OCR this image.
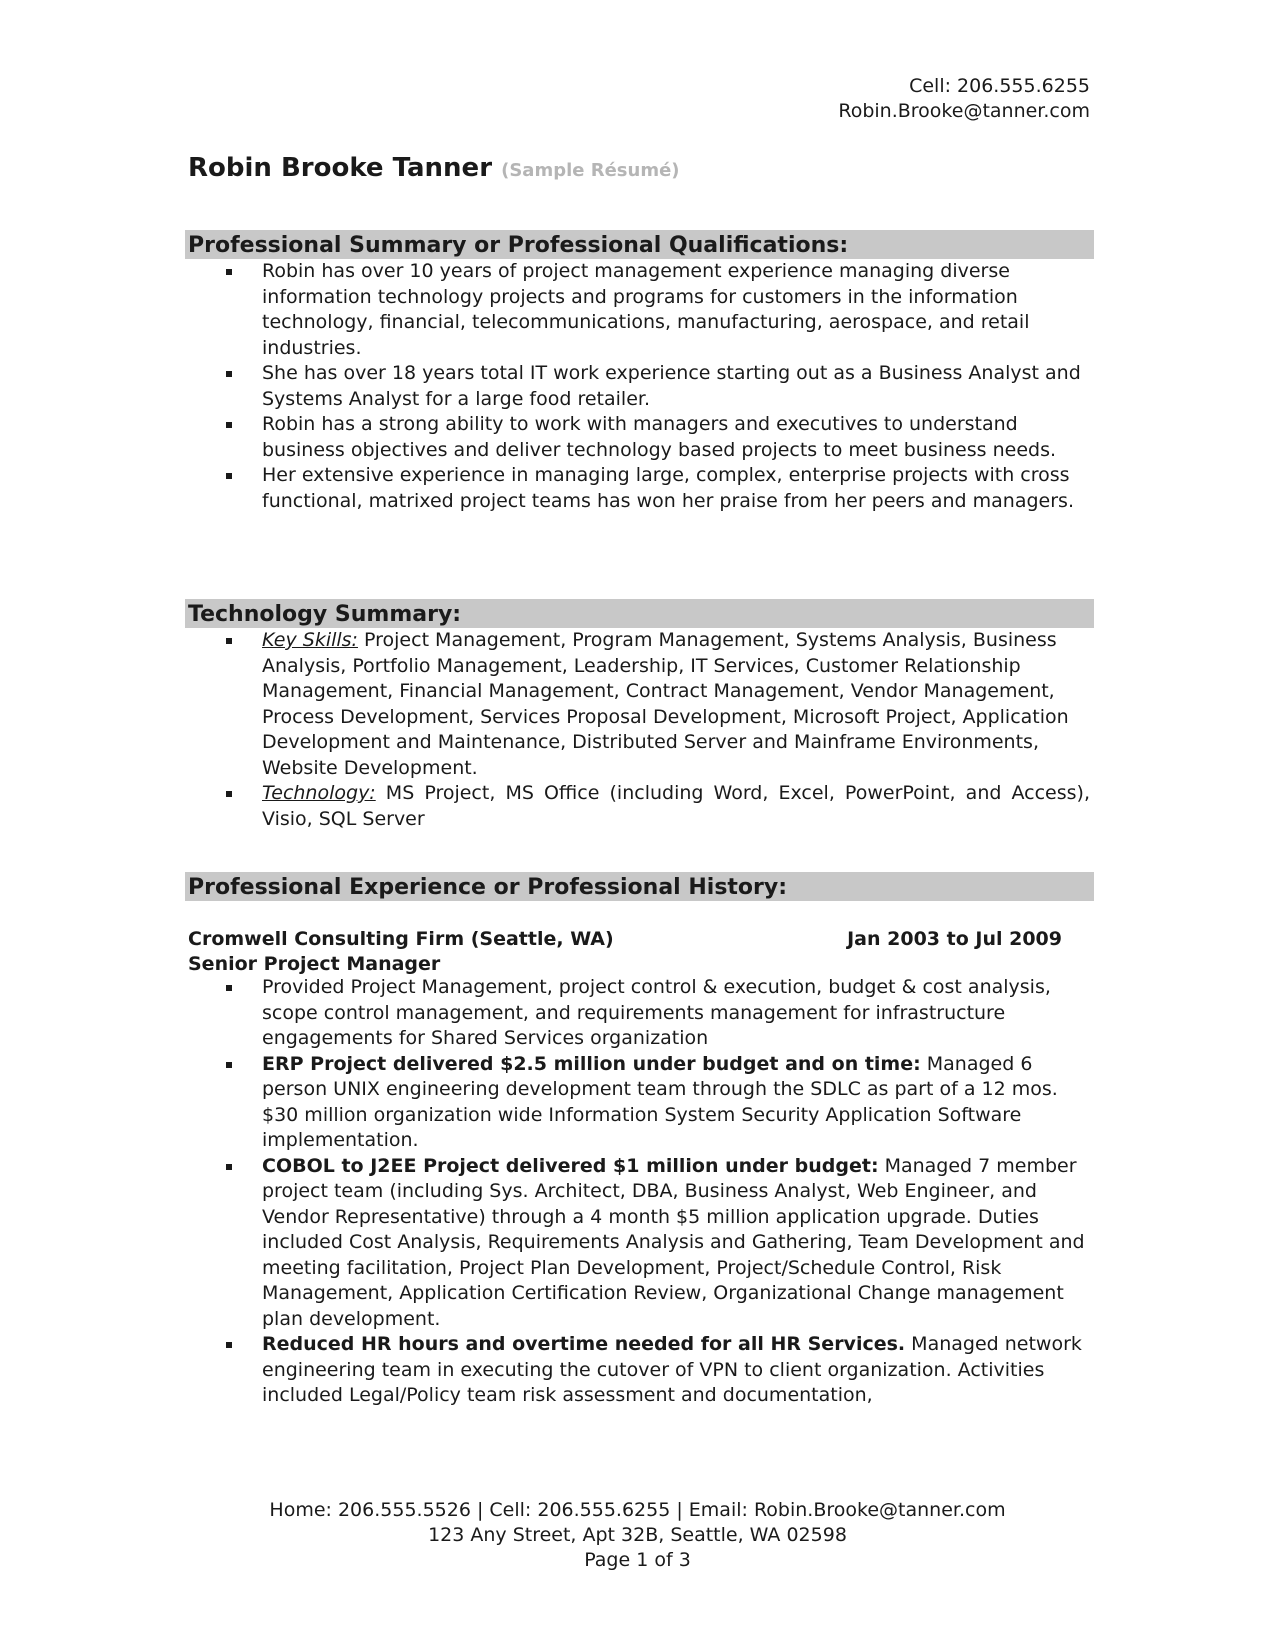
Cell: 206.555.6255
Robin.Brooke@tanner.com
Robin Brooke Tanner (Sample Résumé)
Professional Summary or Professional Qualifications:
Robin has over 10 years of project management experience managing diverse information technology projects and programs for customers in the information technology, financial, telecommunications, manufacturing, aerospace, and retail industries.
She has over 18 years total IT work experience starting out as a Business Analyst and Systems Analyst for a large food retailer.
Robin has a strong ability to work with managers and executives to understand business objectives and deliver technology based projects to meet business needs.
Her extensive experience in managing large, complex, enterprise projects with cross functional, matrixed project teams has won her praise from her peers and managers.
Technology Summary:
Key Skills: Project Management, Program Management, Systems Analysis, Business Analysis, Portfolio Management, Leadership, IT Services, Customer Relationship Management, Financial Management, Contract Management, Vendor Management, Process Development, Services Proposal Development, Microsoft Project, Application Development and Maintenance, Distributed Server and Mainframe Environments, Website Development.
Technology: MS Project, MS Office (including Word, Excel, PowerPoint, and Access), Visio, SQL Server
Professional Experience or Professional History:
Cromwell Consulting Firm (Seattle, WA)	Jan 2003 to Jul 2009
Senior Project Manager
Provided Project Management, project control & execution, budget & cost analysis, scope control management, and requirements management for infrastructure engagements for Shared Services organization
ERP Project delivered $2.5 million under budget and on time: Managed 6 person UNIX engineering development team through the SDLC as part of a 12 mos. $30 million organization wide Information System Security Application Software implementation.
COBOL to J2EE Project delivered $1 million under budget: Managed 7 member project team (including Sys. Architect, DBA, Business Analyst, Web Engineer, and Vendor Representative) through a 4 month $5 million application upgrade. Duties included Cost Analysis, Requirements Analysis and Gathering, Team Development and meeting facilitation, Project Plan Development, Project/Schedule Control, Risk Management, Application Certification Review, Organizational Change management plan development.
Reduced HR hours and overtime needed for all HR Services. Managed network engineering team in executing the cutover of VPN to client organization. Activities included Legal/Policy team risk assessment and documentation,
Home: 206.555.5526 | Cell: 206.555.6255 | Email: Robin.Brooke@tanner.com
123 Any Street, Apt 32B, Seattle, WA 02598
Page 1 of 3
